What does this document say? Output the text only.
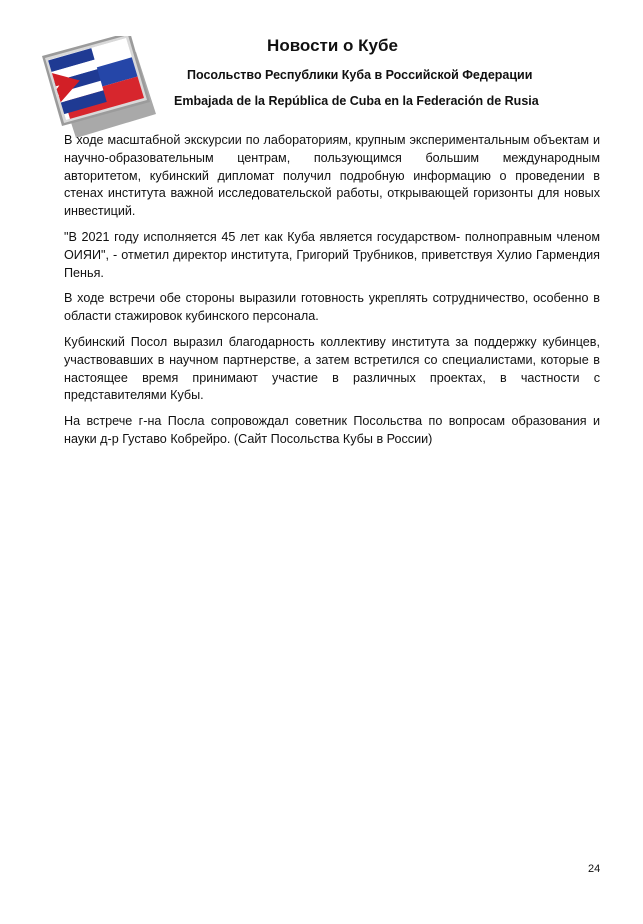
Новости о Кубе

Посольство Республики Куба в Российской Федерации

Embajada de la República de Cuba en la Federación de Rusia

В ходе масштабной экскурсии по лабораториям, крупным экспериментальным объектам и научно-образовательным центрам, пользующимся большим международным авторитетом, кубинский дипломат получил подробную информацию о проведении в стенах института важной исследовательской работы, открывающей горизонты для новых инвестиций.

"В 2021 году исполняется 45 лет как Куба является государством- полноправным членом ОИЯИ", - отметил директор института, Григорий Трубников, приветствуя Хулио Гармендия Пенья.

В ходе встречи обе стороны выразили готовность укреплять сотрудничество, особенно в области стажировок кубинского персонала.

Кубинский Посол выразил благодарность коллективу института за поддержку кубинцев, участвовавших в научном партнерстве, а затем встретился со специалистами, которые в настоящее время принимают участие в различных проектах, в частности с представителями Кубы.

На встрече г-на Посла сопровождал советник Посольства по вопросам образования и науки д-р Густаво Кобрейро. (Сайт Посольства Кубы в России)

24
